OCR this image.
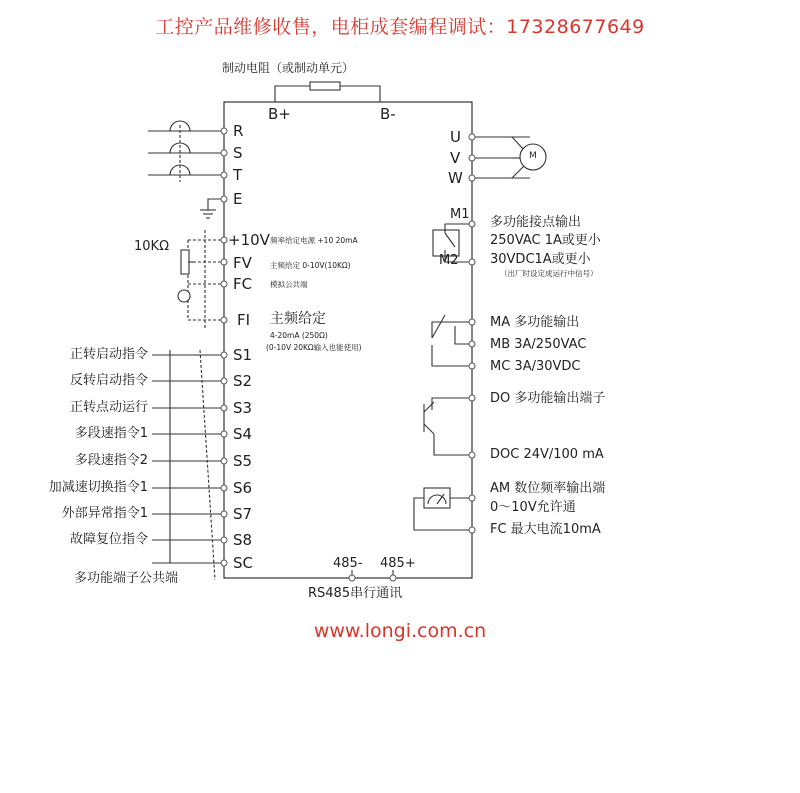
工控产品维修收售，电柜成套编程调试：17328677649
制动电阻（或制动单元）
B+	B-
R
S
T
E
U
V
W
M
10KΩ	+10V 频率给定电源 +10 20mA
FV 主频给定 0-10V(10KΩ)
FC 模拟公共端
FI 主频给定
4-20mA (250Ω)
(0-10V 20KΩ输入也能使用)
正转启动指令	S1
反转启动指令	S2
正转点动运行	S3
多段速指令1	S4
多段速指令2	S5
加减速切换指令1	S6
外部异常指令1	S7
故障复位指令	S8
SC
多功能端子公共端
485- 485+
RS485串行通讯
M1
M2
多功能接点输出
250VAC 1A或更小
30VDC1A或更小
（出厂时设定成运行中信号）
MA 多功能输出
MB 3A/250VAC
MC 3A/30VDC
DO 多功能输出端子
DOC 24V/100 mA
AM 数位频率输出端
0～10V允许通
FC 最大电流10mA
www.longi.com.cn
